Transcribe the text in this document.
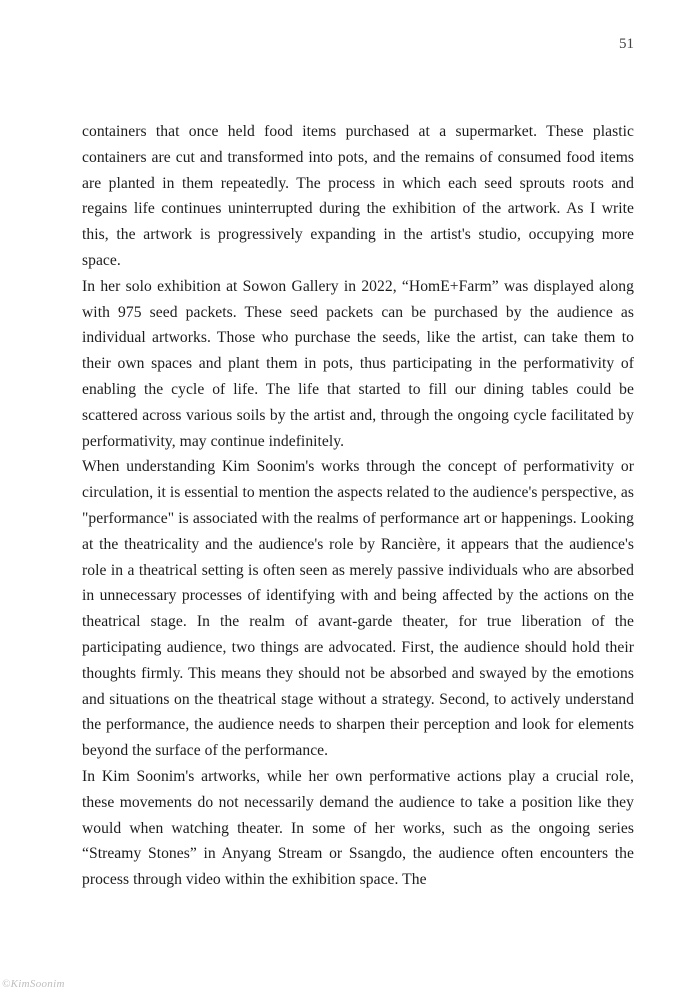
51

containers that once held food items purchased at a supermarket. These plastic containers are cut and transformed into pots, and the remains of consumed food items are planted in them repeatedly. The process in which each seed sprouts roots and regains life continues uninterrupted during the exhibition of the artwork. As I write this, the artwork is progressively expanding in the artist's studio, occupying more space.

In her solo exhibition at Sowon Gallery in 2022, “HomE+Farm” was displayed along with 975 seed packets. These seed packets can be purchased by the audience as individual artworks. Those who purchase the seeds, like the artist, can take them to their own spaces and plant them in pots, thus participating in the performativity of enabling the cycle of life. The life that started to fill our dining tables could be scattered across various soils by the artist and, through the ongoing cycle facilitated by performativity, may continue indefinitely.

When understanding Kim Soonim's works through the concept of performativity or circulation, it is essential to mention the aspects related to the audience's perspective, as "performance" is associated with the realms of performance art or happenings. Looking at the theatricality and the audience's role by Rancière, it appears that the audience's role in a theatrical setting is often seen as merely passive individuals who are absorbed in unnecessary processes of identifying with and being affected by the actions on the theatrical stage. In the realm of avant-garde theater, for true liberation of the participating audience, two things are advocated. First, the audience should hold their thoughts firmly. This means they should not be absorbed and swayed by the emotions and situations on the theatrical stage without a strategy. Second, to actively understand the performance, the audience needs to sharpen their perception and look for elements beyond the surface of the performance.

In Kim Soonim's artworks, while her own performative actions play a crucial role, these movements do not necessarily demand the audience to take a position like they would when watching theater. In some of her works, such as the ongoing series “Streamy Stones” in Anyang Stream or Ssangdo, the audience often encounters the process through video within the exhibition space. The

©KimSoonim
